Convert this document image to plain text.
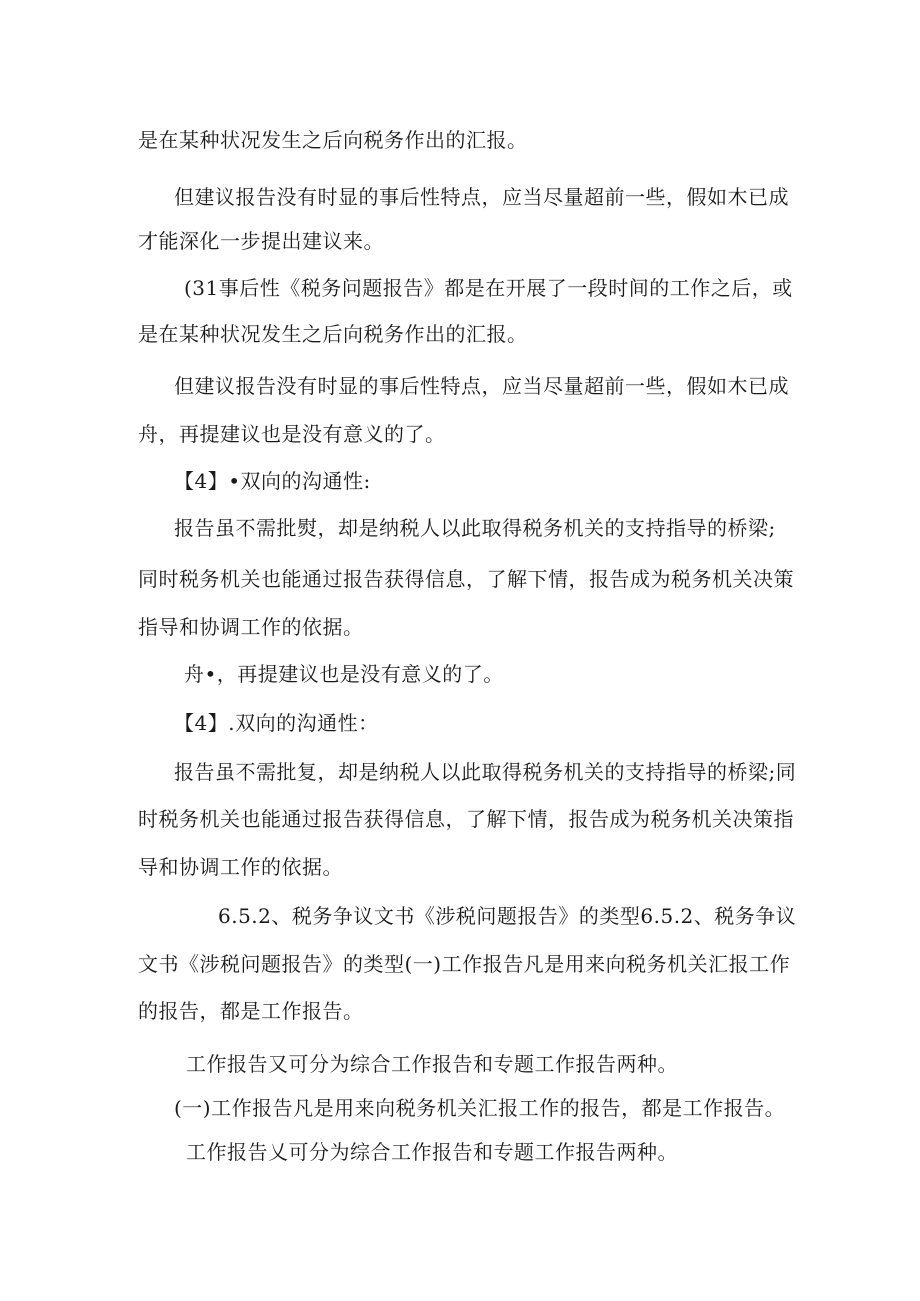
是在某种状况发生之后向税务作出的汇报。
但建议报告没有时显的事后性特点，应当尽量超前一些，假如木已成
才能深化一步提出建议来。
(31事后性《税务问题报告》都是在开展了一段时间的工作之后，或
是在某种状况发生之后向税务作出的汇报。
但建议报告没有时显的事后性特点，应当尽量超前一些，假如木已成
舟，再提建议也是没有意义的了。
【4】•双向的沟通性:
报告虽不需批熨，却是纳税人以此取得税务机关的支持指导的桥梁;
同时税务机关也能通过报告获得信息，了解下情，报告成为税务机关决策
指导和协调工作的依据。
舟•，再提建议也是没有意义的了。
【4】.双向的沟通性：
报告虽不需批复，却是纳税人以此取得税务机关的支持指导的桥梁;同
时税务机关也能通过报告获得信息，了解下情，报告成为税务机关决策指
导和协调工作的依据。
6.5.2、税务争议文书《涉税问题报告》的类型6.5.2、税务争议
文书《涉税问题报告》的类型(一)工作报告凡是用来向税务机关汇报工作
的报告，都是工作报告。
工作报告又可分为综合工作报告和专题工作报告两种。
(一)工作报告凡是用来向税务机关汇报工作的报告，都是工作报告。
工作报告乂可分为综合工作报告和专题工作报告两种。
